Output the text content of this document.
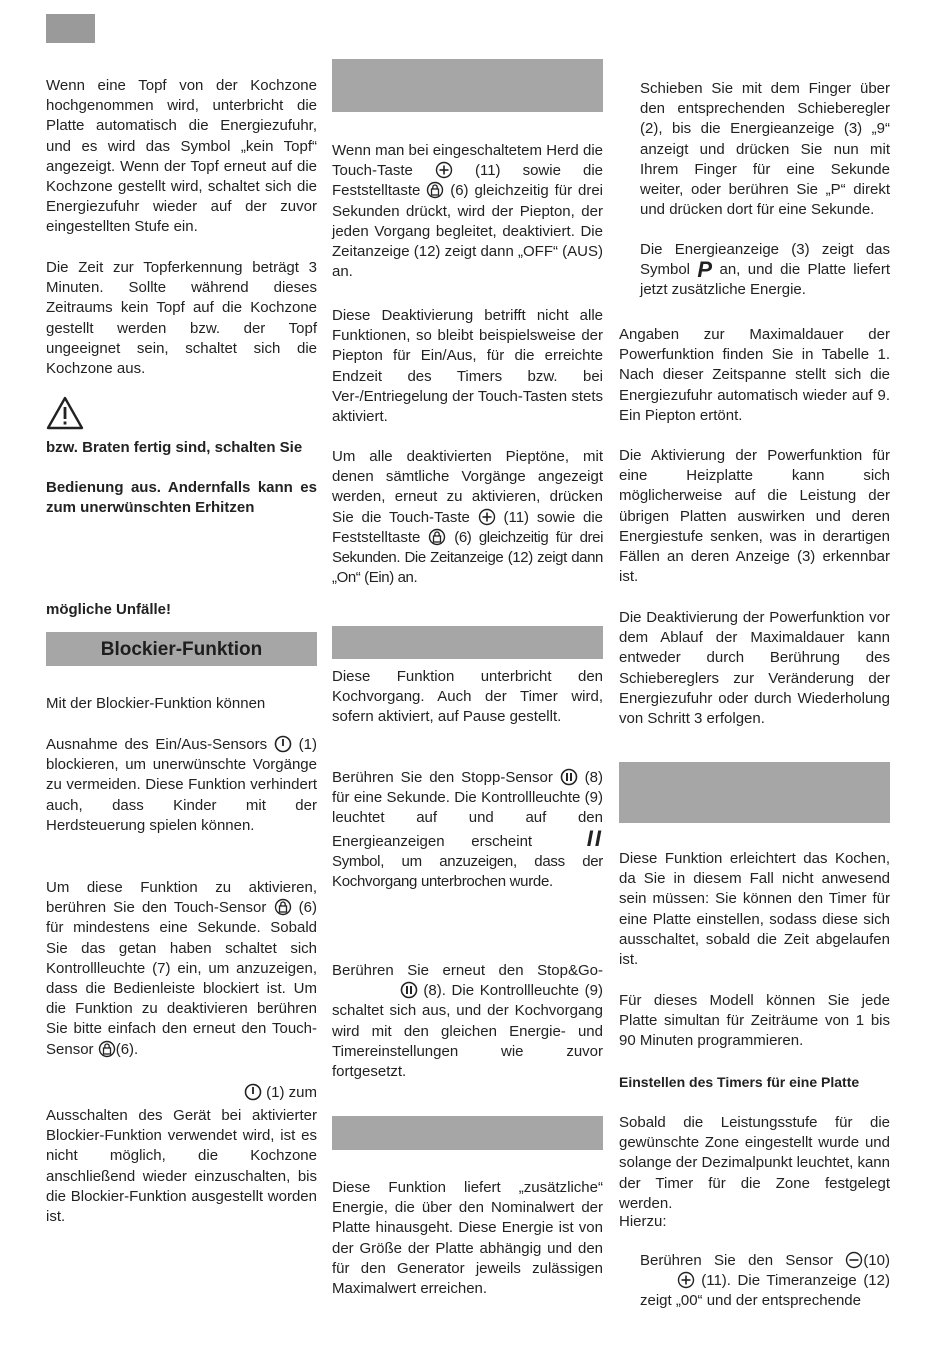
Wenn eine Topf von der Kochzone hochgenommen wird, unterbricht die Platte automatisch die Energiezufuhr, und es wird das Symbol „kein Topf“ angezeigt. Wenn der Topf erneut auf die Kochzone gestellt wird, schaltet sich die Energiezufuhr wieder auf der zuvor eingestellten Stufe ein.

Die Zeit zur Topferkennung beträgt 3 Minuten. Sollte während dieses Zeitraums kein Topf auf die Kochzone gestellt werden bzw. der Topf ungeeignet sein, schaltet sich die Kochzone aus.

bzw. Braten fertig sind, schalten Sie

Bedienung aus. Andernfalls kann es zum unerwünschten Erhitzen

mögliche Unfälle!

Blockier-Funktion

Mit der Blockier-Funktion können

Ausnahme des Ein/Aus-Sensors (1) blockieren, um unerwünschte Vorgänge zu vermeiden. Diese Funktion verhindert auch, dass Kinder mit der Herdsteuerung spielen können.

Um diese Funktion zu aktivieren, berühren Sie den Touch-Sensor (6) für mindestens eine Sekunde. Sobald Sie das getan haben schaltet sich Kontrollleuchte (7) ein, um anzuzeigen, dass die Bedienleiste blockiert ist. Um die Funktion zu deaktivieren berühren Sie bitte einfach den erneut den Touch-Sensor (6).

(1) zum

Ausschalten des Gerät bei aktivierter Blockier-Funktion verwendet wird, ist es nicht möglich, die Kochzone anschließend wieder einzuschalten, bis die Blockier-Funktion ausgestellt worden ist.

Wenn man bei eingeschaltetem Herd die Touch-Taste	(11) sowie die Feststelltaste (6) gleichzeitig für drei Sekunden drückt, wird der Piepton, der jeden Vorgang begleitet, deaktiviert. Die Zeitanzeige (12) zeigt dann „OFF“ (AUS) an.

Diese Deaktivierung betrifft nicht alle Funktionen, so bleibt beispielsweise der Piepton für Ein/Aus, für die erreichte Endzeit des Timers bzw. bei Ver-/Entriegelung der Touch-Tasten stets aktiviert.

Um alle deaktivierten Pieptöne, mit denen sämtliche Vorgänge angezeigt werden, erneut zu aktivieren, drücken Sie die Touch-Taste (11) sowie die Feststelltaste (6) gleichzeitig für drei Sekunden. Die Zeitanzeige (12) zeigt dann „On“ (Ein) an.

Diese Funktion unterbricht den Kochvorgang. Auch der Timer wird, sofern aktiviert, auf Pause gestellt.

Berühren Sie den Stopp-Sensor (8) für eine Sekunde. Die Kontrollleuchte (9) leuchtet auf und auf den Energieanzeigen erscheint II Symbol, um anzuzeigen, dass der Kochvorgang unterbrochen wurde.

Berühren Sie erneut den Stop&Go-
(8). Die Kontrollleuchte (9) schaltet sich aus, und der Kochvorgang wird mit den gleichen Energie- und Timereinstellungen wie zuvor fortgesetzt.

Diese Funktion liefert „zusätzliche“ Energie, die über den Nominalwert der Platte hinausgeht. Diese Energie ist von der Größe der Platte abhängig und den für den Generator jeweils zulässigen Maximalwert erreichen.

Schieben Sie mit dem Finger über den entsprechenden Schieberegler (2), bis die Energieanzeige (3) „9“ anzeigt und drücken Sie nun mit Ihrem Finger für eine Sekunde weiter, oder berühren Sie „P“ direkt und drücken dort für eine Sekunde.

Die Energieanzeige (3) zeigt das Symbol P an, und die Platte liefert jetzt zusätzliche Energie.

Angaben zur Maximaldauer der Powerfunktion finden Sie in Tabelle 1. Nach dieser Zeitspanne stellt sich die Energiezufuhr automatisch wieder auf 9. Ein Piepton ertönt.

Die Aktivierung der Powerfunktion für eine Heizplatte kann sich möglicherweise auf die Leistung der übrigen Platten auswirken und deren Energiestufe senken, was in derartigen Fällen an deren Anzeige (3) erkennbar ist.

Die Deaktivierung der Powerfunktion vor dem Ablauf der Maximaldauer kann entweder durch Berührung des Schiebereglers zur Veränderung der Energiezufuhr oder durch Wiederholung von Schritt 3 erfolgen.

Diese Funktion erleichtert das Kochen, da Sie in diesem Fall nicht anwesend sein müssen: Sie können den Timer für eine Platte einstellen, sodass diese sich ausschaltet, sobald die Zeit abgelaufen ist.

Für dieses Modell können Sie jede Platte simultan für Zeiträume von 1 bis 90 Minuten programmieren.

Einstellen des Timers für eine Platte

Sobald die Leistungsstufe für die gewünschte Zone eingestellt wurde und solange der Dezimalpunkt leuchtet, kann der Timer für die Zone festgelegt werden.

Hierzu:

Berühren Sie den Sensor (10)
(11). Die Timeranzeige (12) zeigt „00“ und der entsprechende
